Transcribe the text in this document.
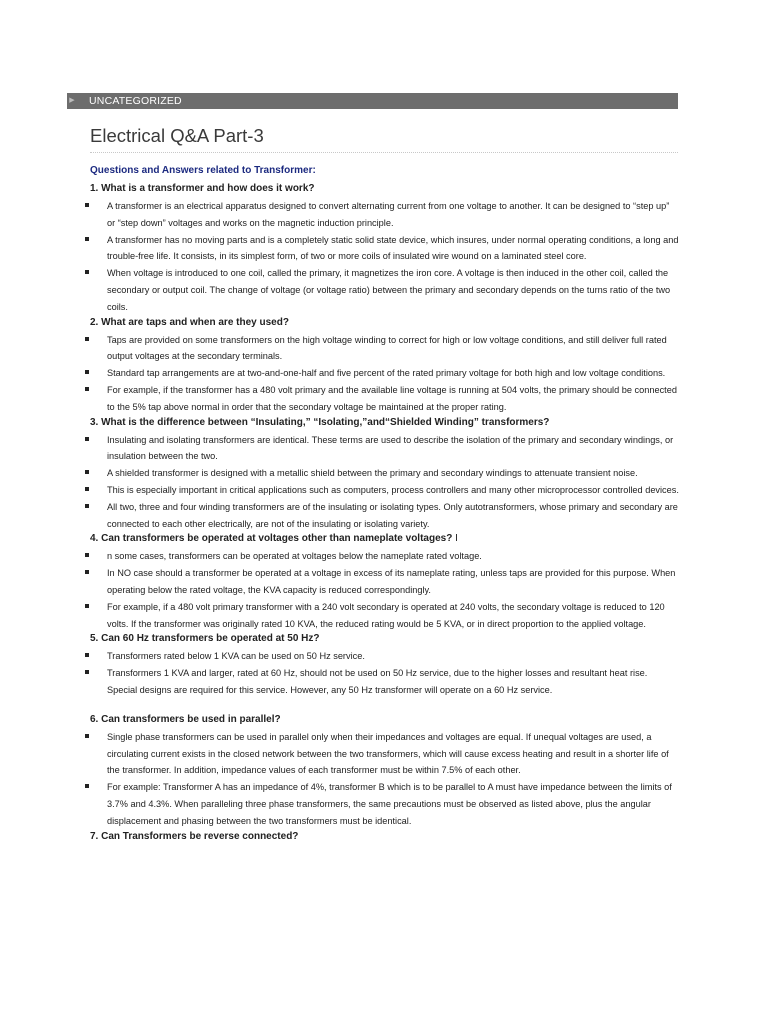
▶ UNCATEGORIZED
Electrical Q&A Part-3

Questions and Answers related to Transformer:

1. What is a transformer and how does it work?

A transformer is an electrical apparatus designed to convert alternating current from one voltage to another. It can be designed to “step up” or “step down” voltages and works on the magnetic induction principle.
A transformer has no moving parts and is a completely static solid state device, which insures, under normal operating conditions, a long and trouble-free life. It consists, in its simplest form, of two or more coils of insulated wire wound on a laminated steel core.
When voltage is introduced to one coil, called the primary, it magnetizes the iron core. A voltage is then induced in the other coil, called the secondary or output coil. The change of voltage (or voltage ratio) between the primary and secondary depends on the turns ratio of the two coils.

2. What are taps and when are they used?

Taps are provided on some transformers on the high voltage winding to correct for high or low voltage conditions, and still deliver full rated output voltages at the secondary terminals.
Standard tap arrangements are at two-and-one-half and five percent of the rated primary voltage for both high and low voltage conditions.
For example, if the transformer has a 480 volt primary and the available line voltage is running at 504 volts, the primary should be connected to the 5% tap above normal in order that the secondary voltage be maintained at the proper rating.

3. What is the difference between “Insulating,” “Isolating,”and“Shielded Winding” transformers?

Insulating and isolating transformers are identical. These terms are used to describe the isolation of the primary and secondary windings, or insulation between the two.
A shielded transformer is designed with a metallic shield between the primary and secondary windings to attenuate transient noise.
This is especially important in critical applications such as computers, process controllers and many other microprocessor controlled devices.
All two, three and four winding transformers are of the insulating or isolating types. Only autotransformers, whose primary and secondary are connected to each other electrically, are not of the insulating or isolating variety.

4. Can transformers be operated at voltages other than nameplate voltages? I

n some cases, transformers can be operated at voltages below the nameplate rated voltage.
In NO case should a transformer be operated at a voltage in excess of its nameplate rating, unless taps are provided for this purpose. When operating below the rated voltage, the KVA capacity is reduced correspondingly.
For example, if a 480 volt primary transformer with a 240 volt secondary is operated at 240 volts, the secondary voltage is reduced to 120 volts. If the transformer was originally rated 10 KVA, the reduced rating would be 5 KVA, or in direct proportion to the applied voltage.

5. Can 60 Hz transformers be operated at 50 Hz?

Transformers rated below 1 KVA can be used on 50 Hz service.
Transformers 1 KVA and larger, rated at 60 Hz, should not be used on 50 Hz service, due to the higher losses and resultant heat rise. Special designs are required for this service. However, any 50 Hz transformer will operate on a 60 Hz service.

6. Can transformers be used in parallel?

Single phase transformers can be used in parallel only when their impedances and voltages are equal. If unequal voltages are used, a circulating current exists in the closed network between the two transformers, which will cause excess heating and result in a shorter life of the transformer. In addition, impedance values of each transformer must be within 7.5% of each other.
For example: Transformer A has an impedance of 4%, transformer B which is to be parallel to A must have impedance between the limits of 3.7% and 4.3%. When paralleling three phase transformers, the same precautions must be observed as listed above, plus the angular displacement and phasing between the two transformers must be identical.

7. Can Transformers be reverse connected?
